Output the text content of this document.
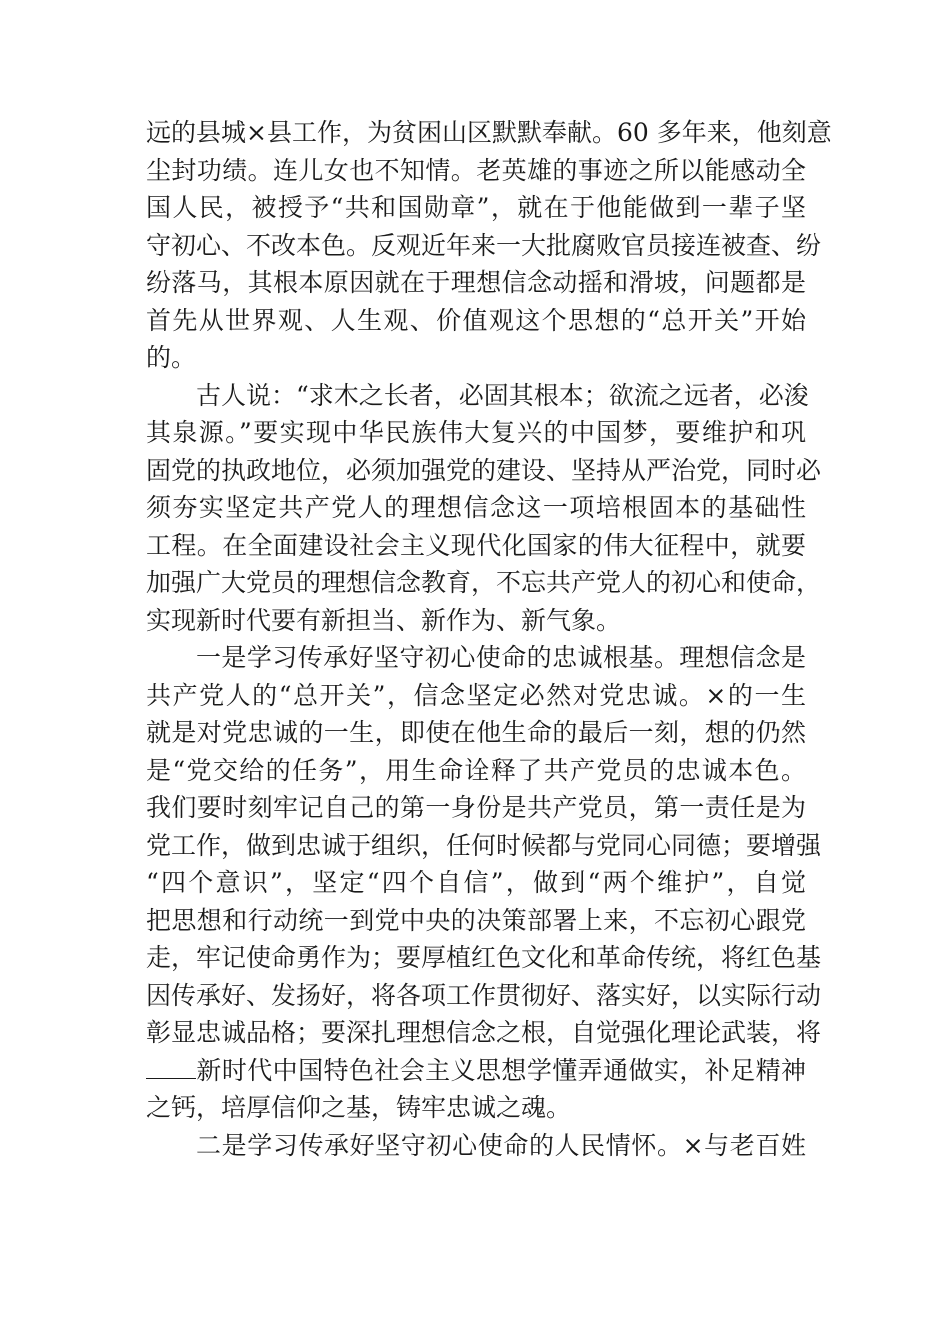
远的县城×县工作，为贫困山区默默奉献。60 多年来，他刻意
尘封功绩。连儿女也不知情。老英雄的事迹之所以能感动全
国人民，被授予“共和国勋章”，就在于他能做到一辈子坚
守初心、不改本色。反观近年来一大批腐败官员接连被查、纷
纷落马，其根本原因就在于理想信念动摇和滑坡，问题都是
首先从世界观、人生观、价值观这个思想的“总开关”开始
的。

古人说：“求木之长者，必固其根本；欲流之远者，必浚
其泉源。”要实现中华民族伟大复兴的中国梦，要维护和巩
固党的执政地位，必须加强党的建设、坚持从严治党，同时必
须夯实坚定共产党人的理想信念这一项培根固本的基础性
工程。在全面建设社会主义现代化国家的伟大征程中，就要
加强广大党员的理想信念教育，不忘共产党人的初心和使命，
实现新时代要有新担当、新作为、新气象。

一是学习传承好坚守初心使命的忠诚根基。理想信念是
共产党人的“总开关”，信念坚定必然对党忠诚。×的一生
就是对党忠诚的一生，即使在他生命的最后一刻，想的仍然
是“党交给的任务”，用生命诠释了共产党员的忠诚本色。
我们要时刻牢记自己的第一身份是共产党员，第一责任是为
党工作，做到忠诚于组织，任何时候都与党同心同德；要增强
“四个意识”，坚定“四个自信”，做到“两个维护”，自觉
把思想和行动统一到党中央的决策部署上来，不忘初心跟党
走，牢记使命勇作为；要厚植红色文化和革命传统，将红色基
因传承好、发扬好，将各项工作贯彻好、落实好，以实际行动
彰显忠诚品格；要深扎理想信念之根，自觉强化理论武装，将
新时代中国特色社会主义思想学懂弄通做实，补足精神
之钙，培厚信仰之基，铸牢忠诚之魂。

二是学习传承好坚守初心使命的人民情怀。×与老百姓
